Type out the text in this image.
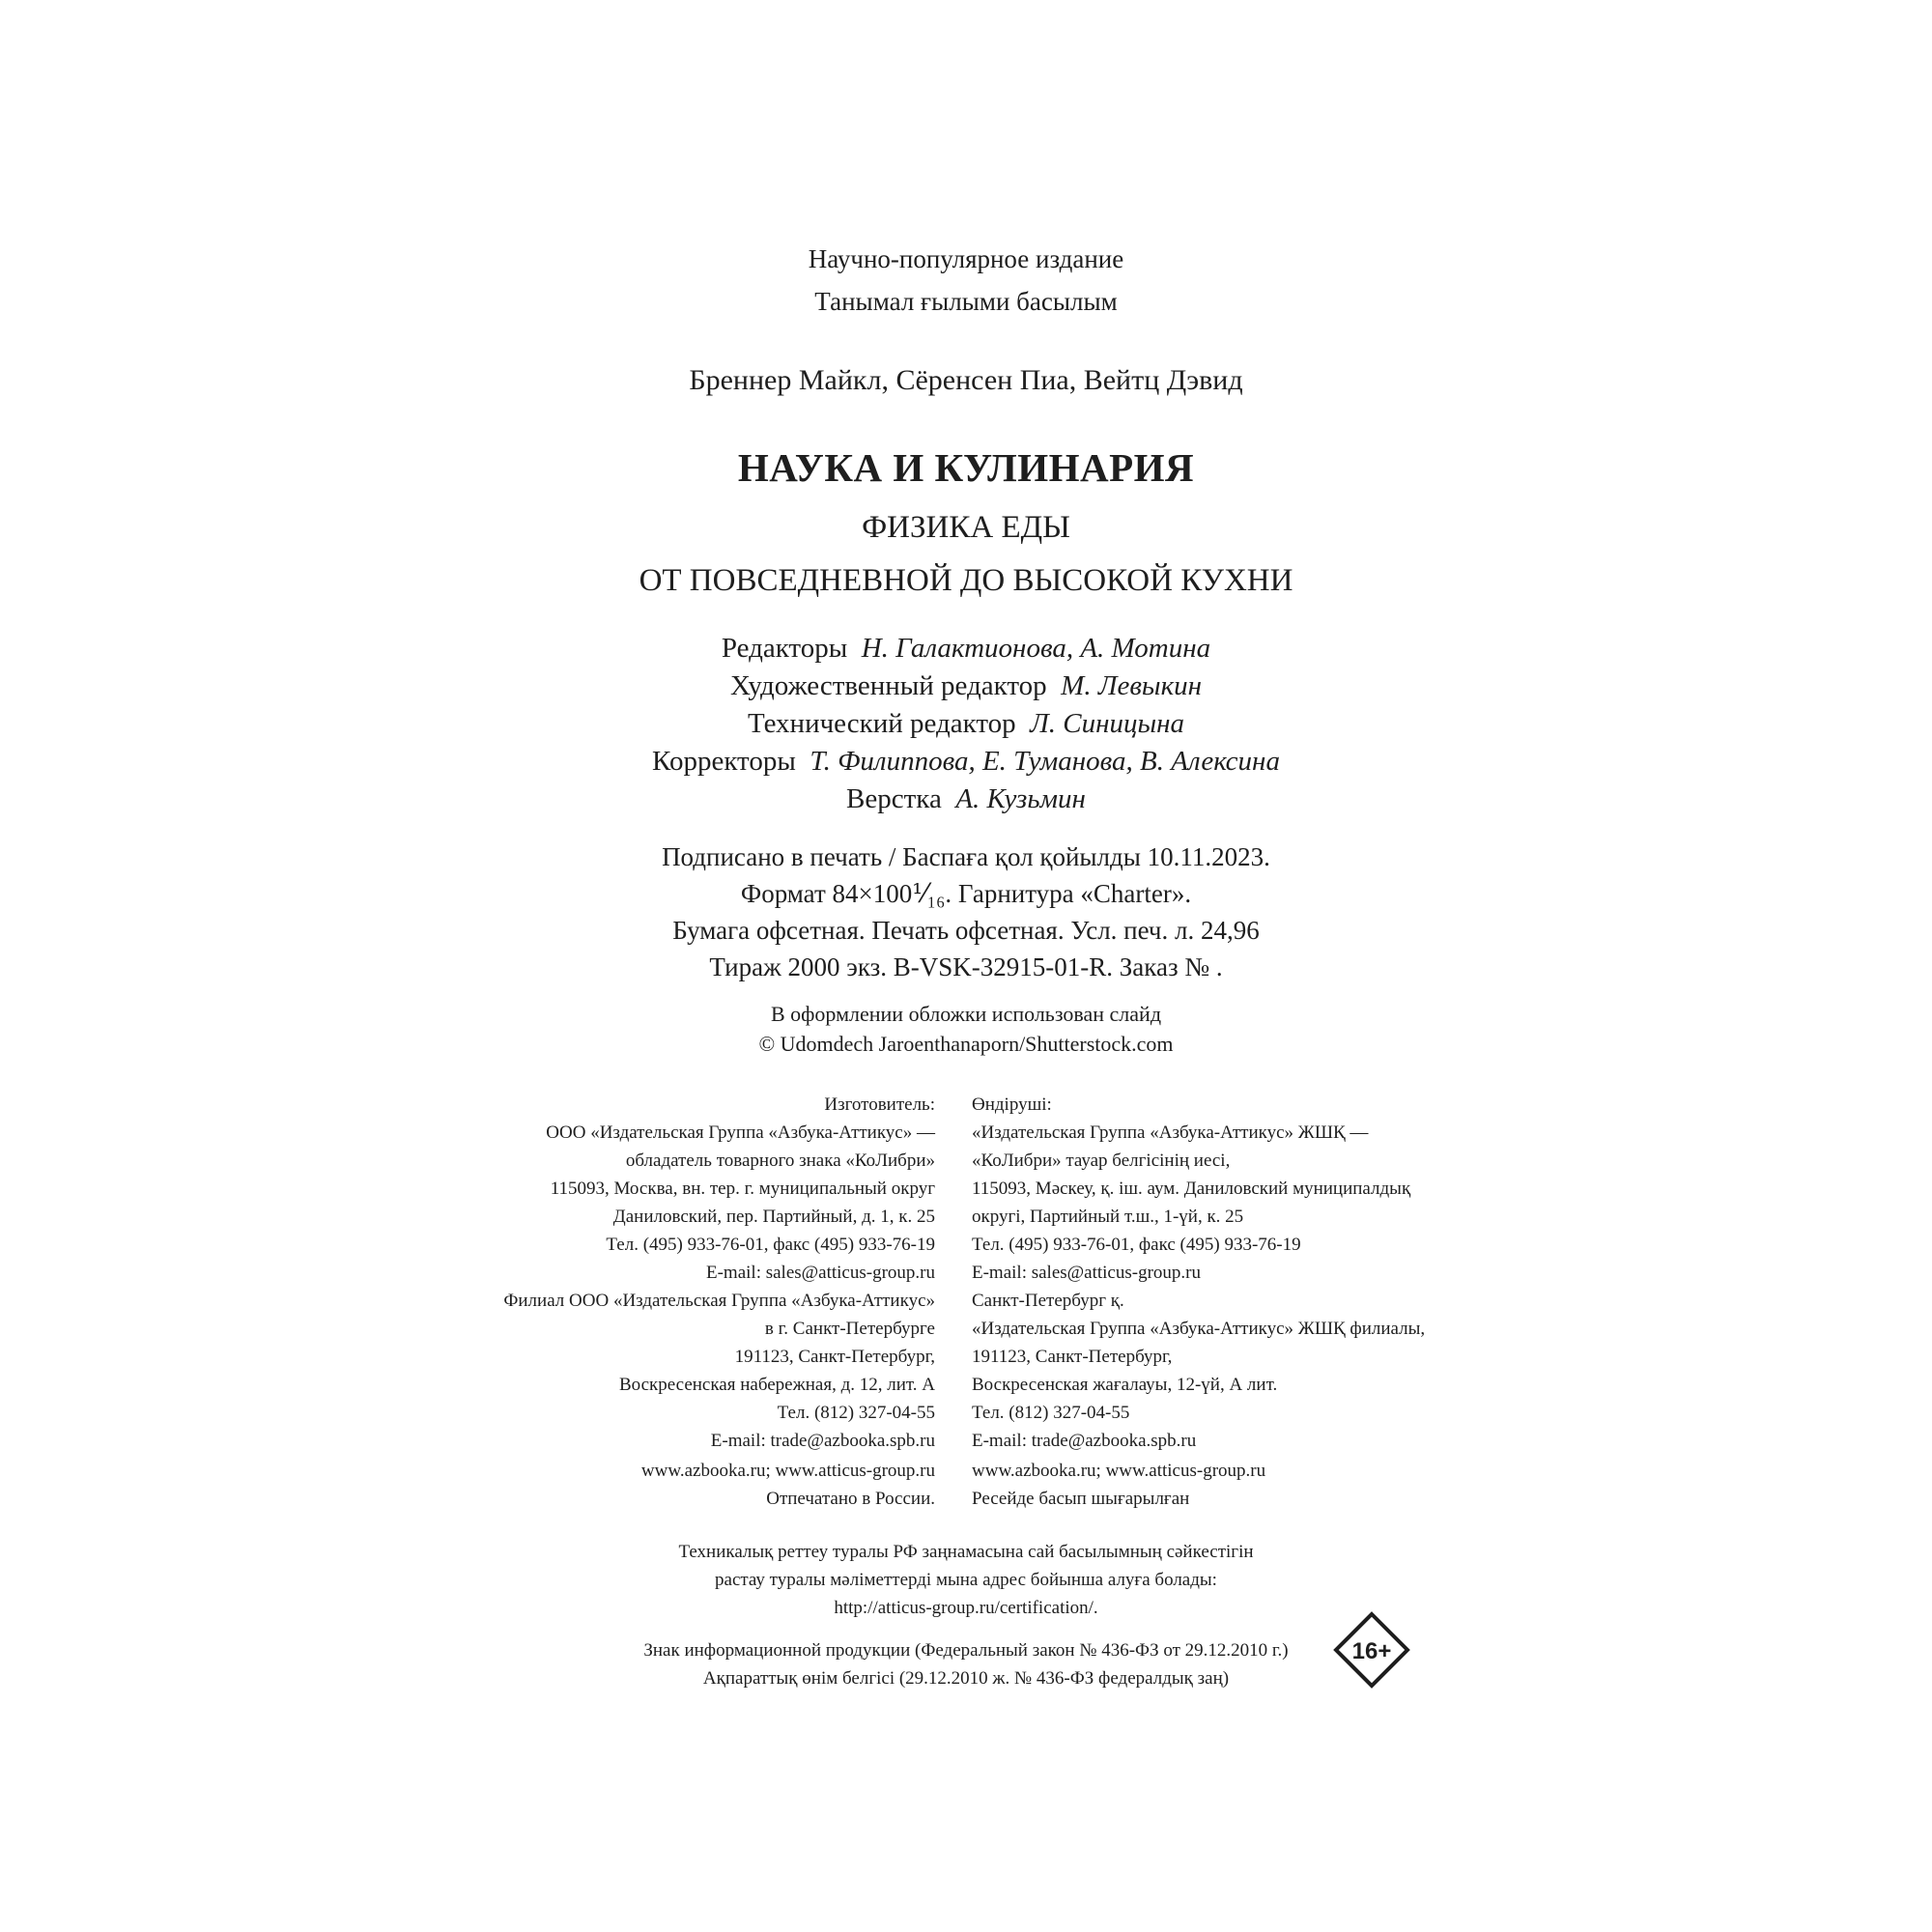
Научно-популярное издание
Танымал ғылыми басылым
Бреннер Майкл, Сёренсен Пиа, Вейтц Дэвид
НАУКА И КУЛИНАРИЯ
ФИЗИКА ЕДЫ
ОТ ПОВСЕДНЕВНОЙ ДО ВЫСОКОЙ КУХНИ
Редакторы Н. Галактионова, А. Мотина
Художественный редактор М. Левыкин
Технический редактор Л. Синицына
Корректоры Т. Филиппова, Е. Туманова, В. Алексина
Верстка А. Кузьмин
Подписано в печать / Баспаға қол қойылды 10.11.2023.
Формат 84×100⅟₁₆. Гарнитура «Charter».
Бумага офсетная. Печать офсетная. Усл. печ. л. 24,96
Тираж 2000 экз. B-VSK-32915-01-R. Заказ № .
В оформлении обложки использован слайд
© Udomdech Jaroenthanaporn/Shutterstock.com
Изготовитель:
ООО «Издательская Группа «Азбука-Аттикус» —
обладатель товарного знака «КоЛибри»
115093, Москва, вн. тер. г. муниципальный округ
Даниловский, пер. Партийный, д. 1, к. 25
Тел. (495) 933-76-01, факс (495) 933-76-19
E-mail: sales@atticus-group.ru
Өндіруші:
«Издательская Группа «Азбука-Аттикус» ЖШҚ —
«КоЛибри» тауар белгісінің иесі,
115093, Мәскеу, қ. іш. аум. Даниловский муниципалдық
округі, Партийный т.ш., 1-үй, к. 25
Тел. (495) 933-76-01, факс (495) 933-76-19
E-mail: sales@atticus-group.ru
Филиал ООО «Издательская Группа «Азбука-Аттикус»
в г. Санкт-Петербурге
191123, Санкт-Петербург,
Воскресенская набережная, д. 12, лит. А
Тел. (812) 327-04-55
E-mail: trade@azbooka.spb.ru
Санкт-Петербург қ.
«Издательская Группа «Азбука-Аттикус» ЖШҚ филиалы,
191123, Санкт-Петербург,
Воскресенская жағалауы, 12-үй, А лит.
Тел. (812) 327-04-55
E-mail: trade@azbooka.spb.ru
www.azbooka.ru; www.atticus-group.ru
Отпечатано в России.
www.azbooka.ru; www.atticus-group.ru
Ресейде басып шығарылған
Техникалық реттеу туралы РФ заңнамасына сай басылымның сәйкестігін
растау туралы мәліметтерді мына адрес бойынша алуға болады:
http://atticus-group.ru/certification/.
Знак информационной продукции (Федеральный закон № 436-ФЗ от 29.12.2010 г.)
Ақпараттық өнім белгісі (29.12.2010 ж. № 436-ФЗ федералдық заң)
16+
